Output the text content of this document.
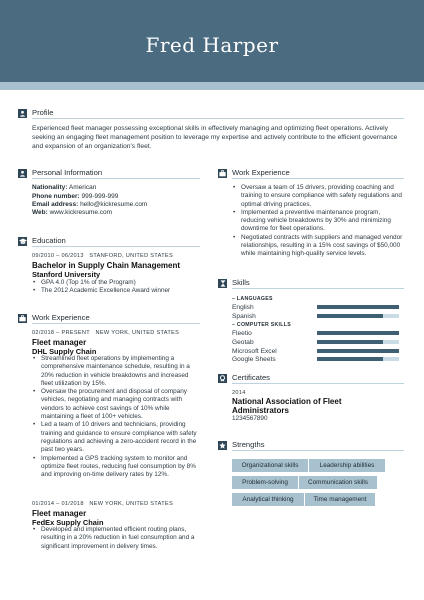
Fred Harper
Profile
Experienced fleet manager possessing exceptional skills in effectively managing and optimizing fleet operations. Actively seeking an engaging fleet management position to leverage my expertise and actively contribute to the efficient governance and expansion of an organization's fleet.
Personal Information
Nationality: American
Phone number: 999-999-999
Email address: hello@kickresume.com
Web: www.kickresume.com
Education
09/2010 – 06/2013 STANFORD, UNITED STATES
Bachelor in Supply Chain Management
Stanford University
• GPA 4.0 (Top 1% of the Program)
• The 2012 Academic Excellence Award winner
Work Experience
02/2018 – PRESENT NEW YORK, UNITED STATES
Fleet manager
DHL Supply Chain
• Streamlined fleet operations by implementing a comprehensive maintenance schedule, resulting in a 20% reduction in vehicle breakdowns and increased fleet utilization by 15%.
• Oversaw the procurement and disposal of company vehicles, negotiating and managing contracts with vendors to achieve cost savings of 10% while maintaining a fleet of 100+ vehicles.
• Led a team of 10 drivers and technicians, providing training and guidance to ensure compliance with safety regulations and achieving a zero-accident record in the past two years.
• Implemented a GPS tracking system to monitor and optimize fleet routes, reducing fuel consumption by 8% and improving on-time delivery rates by 12%.
01/2014 – 01/2018 NEW YORK, UNITED STATES
Fleet manager
FedEx Supply Chain
• Developed and implemented efficient routing plans, resulting in a 20% reduction in fuel consumption and a significant improvement in delivery times.
Work Experience
• Oversaw a team of 15 drivers, providing coaching and training to ensure compliance with safety regulations and optimal driving practices.
• Implemented a preventive maintenance program, reducing vehicle breakdowns by 30% and minimizing downtime for fleet operations.
• Negotiated contracts with suppliers and managed vendor relationships, resulting in a 15% cost savings of $50,000 while maintaining high-quality service levels.
Skills
– LANGUAGES
English
Spanish
– COMPUTER SKILLS
Fleetio
Geotab
Microsoft Excel
Google Sheets
Certificates
2014
National Association of Fleet Administrators
1234567890
Strengths
Organizational skills	Leadership abilities
Problem-solving	Communication skills
Analytical thinking	Time management
